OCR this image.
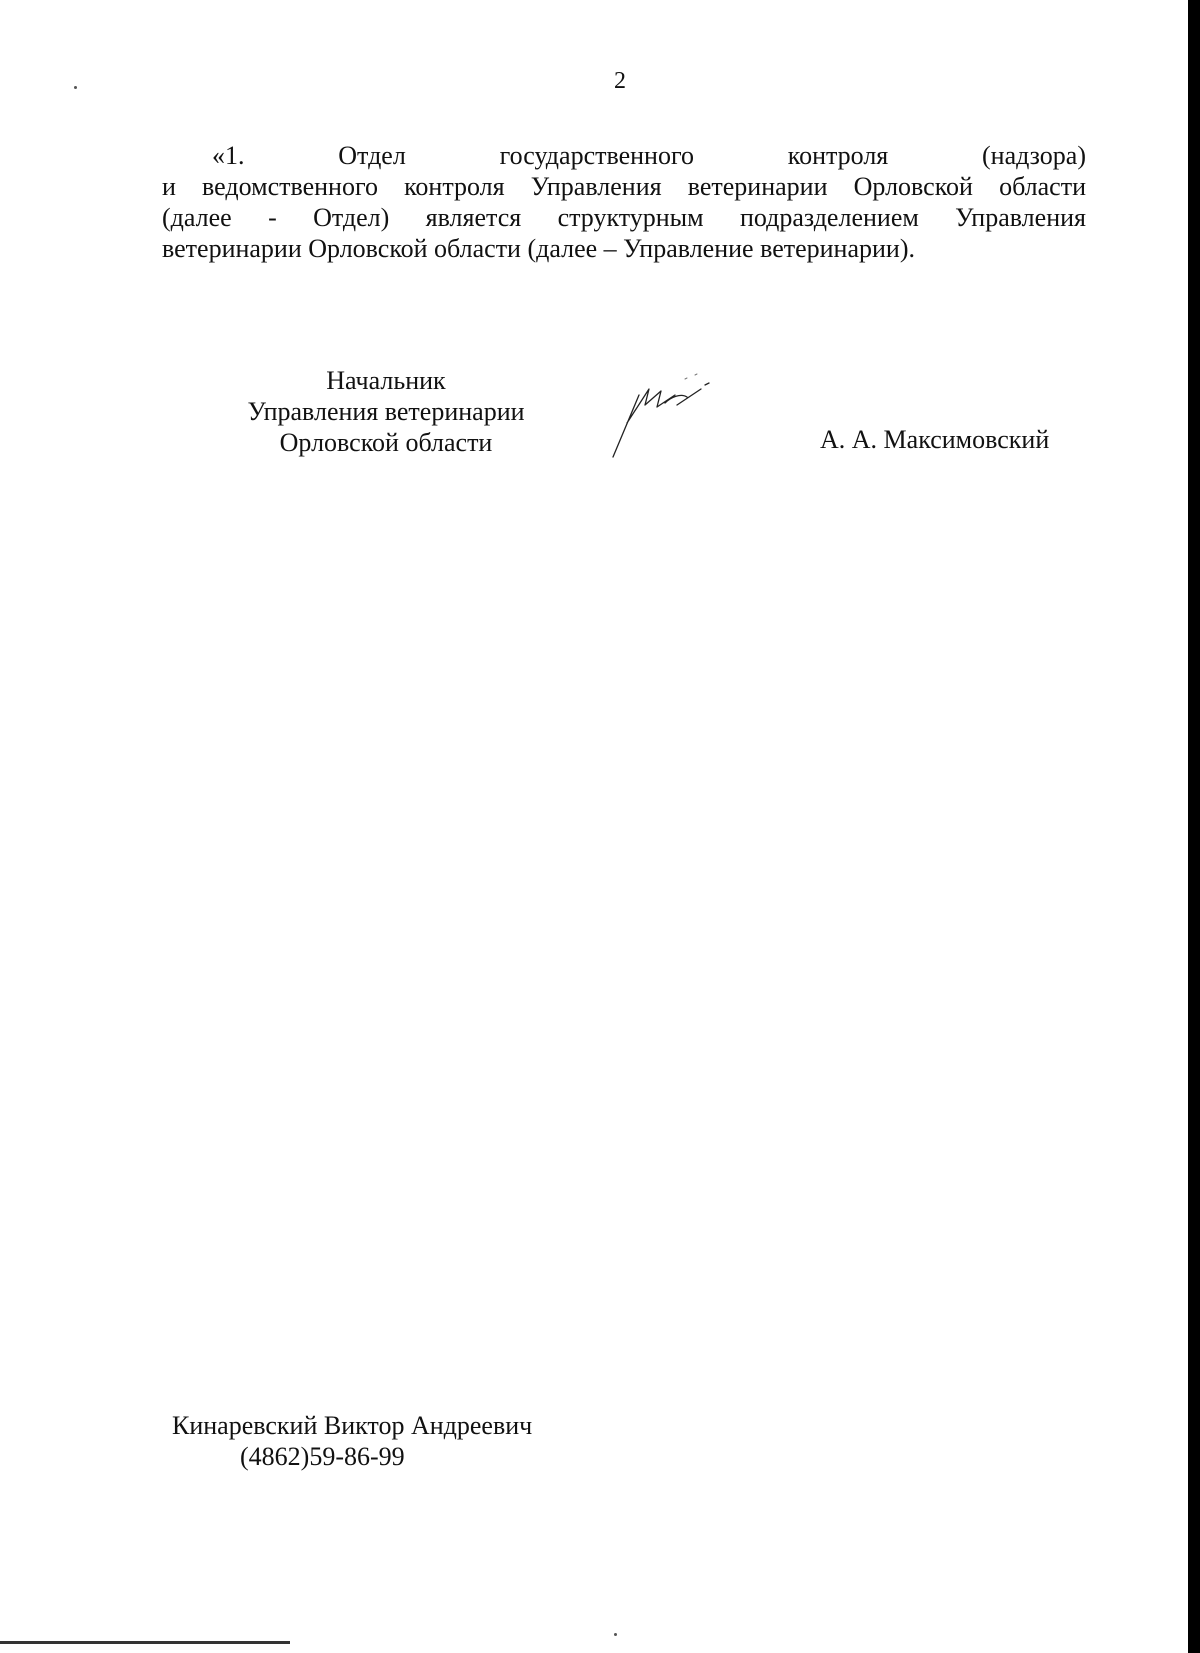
2
«1. Отдел государственного контроля (надзора)
и ведомственного контроля Управления ветеринарии Орловской области
(далее - Отдел) является структурным подразделением Управления
ветеринарии Орловской области (далее – Управление ветеринарии).
Начальник
Управления ветеринарии
Орловской области	А. А. Максимовский
Кинаревский Виктор Андреевич
(4862)59-86-99
